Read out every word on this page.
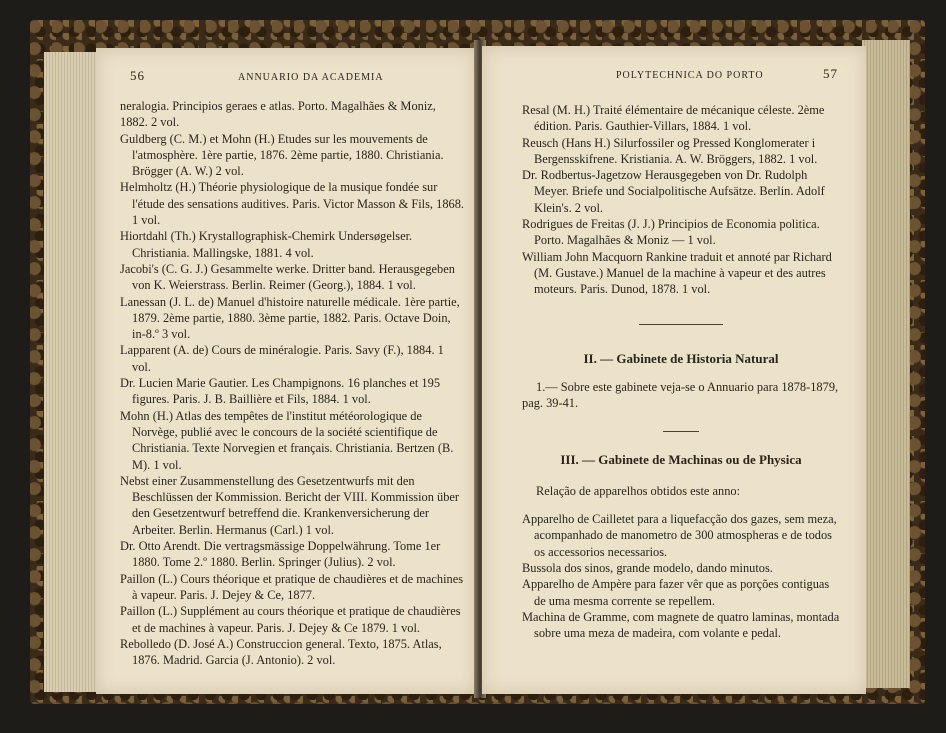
56	ANNUARIO DA ACADEMIA

neralogia. Principios geraes e atlas. Porto. Magalhães & Moniz, 1882. 2 vol.

Guldberg (C. M.) et Mohn (H.) Etudes sur les mouvements de l'atmosphère. 1ère partie, 1876. 2ème partie, 1880. Christiania. Brögger (A. W.) 2 vol.

Helmholtz (H.) Théorie physiologique de la musique fondée sur l'étude des sensations auditives. Paris. Victor Masson & Fils, 1868. 1 vol.

Hiortdahl (Th.) Krystallographisk-Chemirk Undersøgelser. Christiania. Mallingske, 1881. 4 vol.

Jacobi's (C. G. J.) Gesammelte werke. Dritter band. Herausgegeben von K. Weierstrass. Berlin. Reimer (Georg.), 1884. 1 vol.

Lanessan (J. L. de) Manuel d'histoire naturelle médicale. 1ère partie, 1879. 2ème partie, 1880. 3ème partie, 1882. Paris. Octave Doin, in-8.º 3 vol.

Lapparent (A. de) Cours de minéralogie. Paris. Savy (F.), 1884. 1 vol.

Dr. Lucien Marie Gautier. Les Champignons. 16 planches et 195 figures. Paris. J. B. Baillière et Fils, 1884. 1 vol.

Mohn (H.) Atlas des tempêtes de l'institut météorologique de Norvège, publié avec le concours de la société scientifique de Christiania. Texte Norvegien et français. Christiania. Bertzen (B. M). 1 vol.

Nebst einer Zusammenstellung des Gesetzentwurfs mit den Beschlüssen der Kommission. Bericht der VIII. Kommission über den Gesetzentwurf betreffend die. Krankenversicherung der Arbeiter. Berlin. Hermanus (Carl.) 1 vol.

Dr. Otto Arendt. Die vertragsmässige Doppelwährung. Tome 1er 1880. Tome 2.º 1880. Berlin. Springer (Julius). 2 vol.

Paillon (L.) Cours théorique et pratique de chaudières et de machines à vapeur. Paris. J. Dejey & Ce, 1877.

Paillon (L.) Supplément au cours théorique et pratique de chaudières et de machines à vapeur. Paris. J. Dejey & Ce 1879. 1 vol.

Rebolledo (D. José A.) Construccion general. Texto, 1875. Atlas, 1876. Madrid. Garcia (J. Antonio). 2 vol.

POLYTECHNICA DO PORTO	57

Resal (M. H.) Traité élémentaire de mécanique céleste. 2ème édition. Paris. Gauthier-Villars, 1884. 1 vol.

Reusch (Hans H.) Silurfossiler og Pressed Konglomerater i Bergensskifrene. Kristiania. A. W. Bröggers, 1882. 1 vol.

Dr. Rodbertus-Jagetzow Herausgegeben von Dr. Rudolph Meyer. Briefe und Socialpolitische Aufsätze. Berlin. Adolf Klein's. 2 vol.

Rodrigues de Freitas (J. J.) Principios de Economia politica. Porto. Magalhães & Moniz — 1 vol.

William John Macquorn Rankine traduit et annoté par Richard (M. Gustave.) Manuel de la machine à vapeur et des autres moteurs. Paris. Dunod, 1878. 1 vol.

II. — Gabinete de Historia Natural

1.— Sobre este gabinete veja-se o Annuario para 1878-1879, pag. 39-41.

III. — Gabinete de Machinas ou de Physica

Relação de apparelhos obtidos este anno:

Apparelho de Cailletet para a liquefacção dos gazes, sem meza, acompanhado de manometro de 300 atmospheras e de todos os accessorios necessarios.

Bussola dos sinos, grande modelo, dando minutos.

Apparelho de Ampère para fazer vêr que as porções contiguas de uma mesma corrente se repellem.

Machina de Gramme, com magnete de quatro laminas, montada sobre uma meza de madeira, com volante e pedal.
